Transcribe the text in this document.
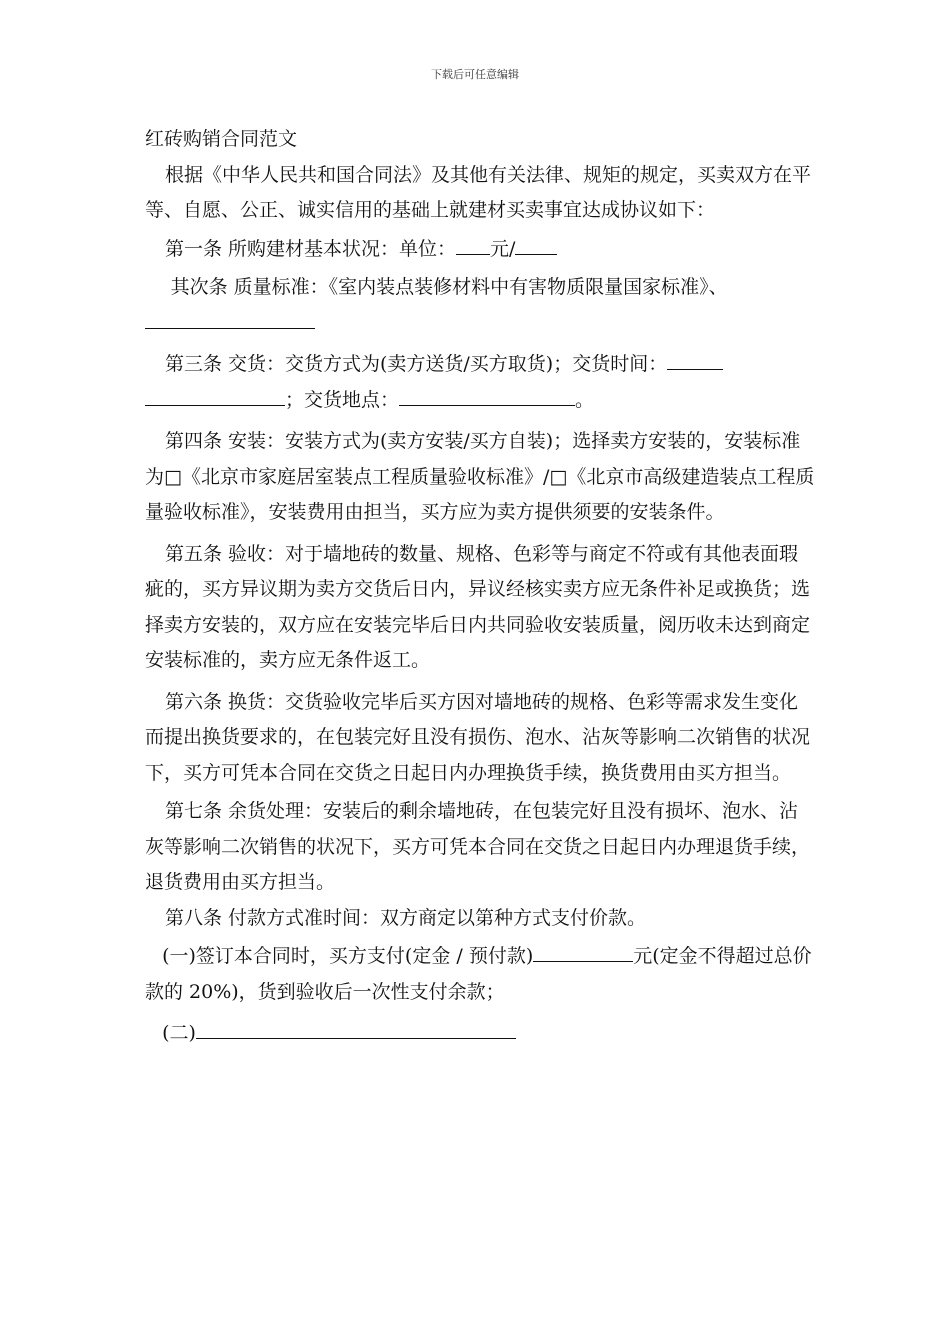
下载后可任意编辑
红砖购销合同范文
根据《中华人民共和国合同法》及其他有关法律、规矩的规定，买卖双方在平等、自愿、公正、诚实信用的基础上就建材买卖事宜达成协议如下：
第一条 所购建材基本状况：单位： 元/
其次条 质量标准：《室内装点装修材料中有害物质限量国家标准》、
第三条 交货：交货方式为(卖方送货/买方取货)；交货时间：
；交货地点：	。
第四条 安装：安装方式为(卖方安装/买方自装)；选择卖方安装的，安装标准为□《北京市家庭居室装点工程质量验收标准》/□《北京市高级建造装点工程质量验收标准》，安装费用由担当，买方应为卖方提供须要的安装条件。
第五条 验收：对于墙地砖的数量、规格、色彩等与商定不符或有其他表面瑕疵的，买方异议期为卖方交货后日内，异议经核实卖方应无条件补足或换货；选择卖方安装的，双方应在安装完毕后日内共同验收安装质量，阅历收未达到商定安装标准的，卖方应无条件返工。
第六条 换货：交货验收完毕后买方因对墙地砖的规格、色彩等需求发生变化而提出换货要求的，在包装完好且没有损伤、泡水、沾灰等影响二次销售的状况下，买方可凭本合同在交货之日起日内办理换货手续，换货费用由买方担当。
第七条 余货处理：安装后的剩余墙地砖，在包装完好且没有损坏、泡水、沾灰等影响二次销售的状况下，买方可凭本合同在交货之日起日内办理退货手续，退货费用由买方担当。
第八条 付款方式准时间：双方商定以第种方式支付价款。
(一)签订本合同时，买方支付(定金 / 预付款)	元(定金不得超过总价款的 20%)，货到验收后一次性支付余款；
(二)
